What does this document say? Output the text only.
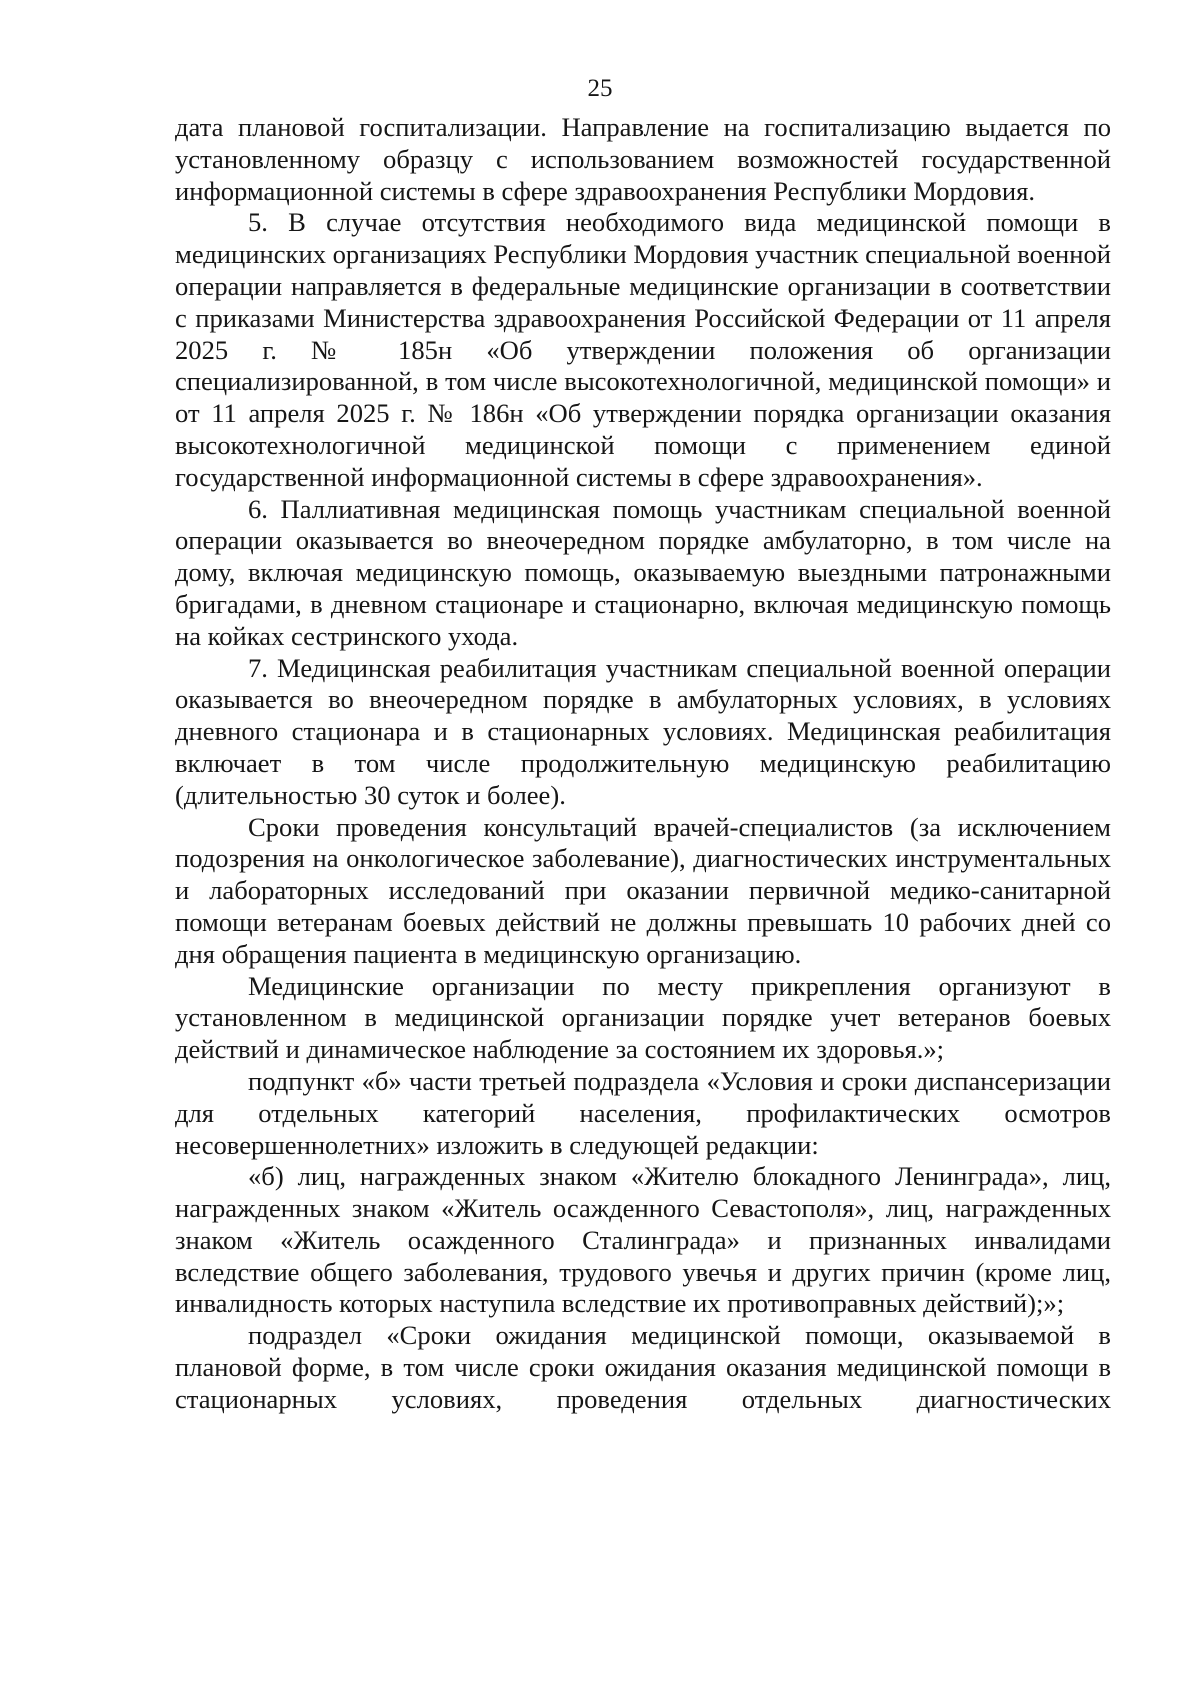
25

дата плановой госпитализации. Направление на госпитализацию выдается по установленному образцу с использованием возможностей государственной информационной системы в сфере здравоохранения Республики Мордовия.

5. В случае отсутствия необходимого вида медицинской помощи в медицинских организациях Республики Мордовия участник специальной военной операции направляется в федеральные медицинские организации в соответствии с приказами Министерства здравоохранения Российской Федерации от 11 апреля 2025 г. № 185н «Об утверждении положения об организации специализированной, в том числе высокотехнологичной, медицинской помощи» и от 11 апреля 2025 г. № 186н «Об утверждении порядка организации оказания высокотехнологичной медицинской помощи с применением единой государственной информационной системы в сфере здравоохранения».

6. Паллиативная медицинская помощь участникам специальной военной операции оказывается во внеочередном порядке амбулаторно, в том числе на дому, включая медицинскую помощь, оказываемую выездными патронажными бригадами, в дневном стационаре и стационарно, включая медицинскую помощь на койках сестринского ухода.

7. Медицинская реабилитация участникам специальной военной операции оказывается во внеочередном порядке в амбулаторных условиях, в условиях дневного стационара и в стационарных условиях. Медицинская реабилитация включает в том числе продолжительную медицинскую реабилитацию (длительностью 30 суток и более).

Сроки проведения консультаций врачей-специалистов (за исключением подозрения на онкологическое заболевание), диагностических инструментальных и лабораторных исследований при оказании первичной медико-санитарной помощи ветеранам боевых действий не должны превышать 10 рабочих дней со дня обращения пациента в медицинскую организацию.

Медицинские организации по месту прикрепления организуют в установленном в медицинской организации порядке учет ветеранов боевых действий и динамическое наблюдение за состоянием их здоровья.»;

подпункт «б» части третьей подраздела «Условия и сроки диспансеризации для отдельных категорий населения, профилактических осмотров несовершеннолетних» изложить в следующей редакции:

«б) лиц, награжденных знаком «Жителю блокадного Ленинграда», лиц, награжденных знаком «Житель осажденного Севастополя», лиц, награжденных знаком «Житель осажденного Сталинграда» и признанных инвалидами вследствие общего заболевания, трудового увечья и других причин (кроме лиц, инвалидность которых наступила вследствие их противоправных действий);»;

подраздел «Сроки ожидания медицинской помощи, оказываемой в плановой форме, в том числе сроки ожидания оказания медицинской помощи в стационарных условиях, проведения отдельных диагностических
